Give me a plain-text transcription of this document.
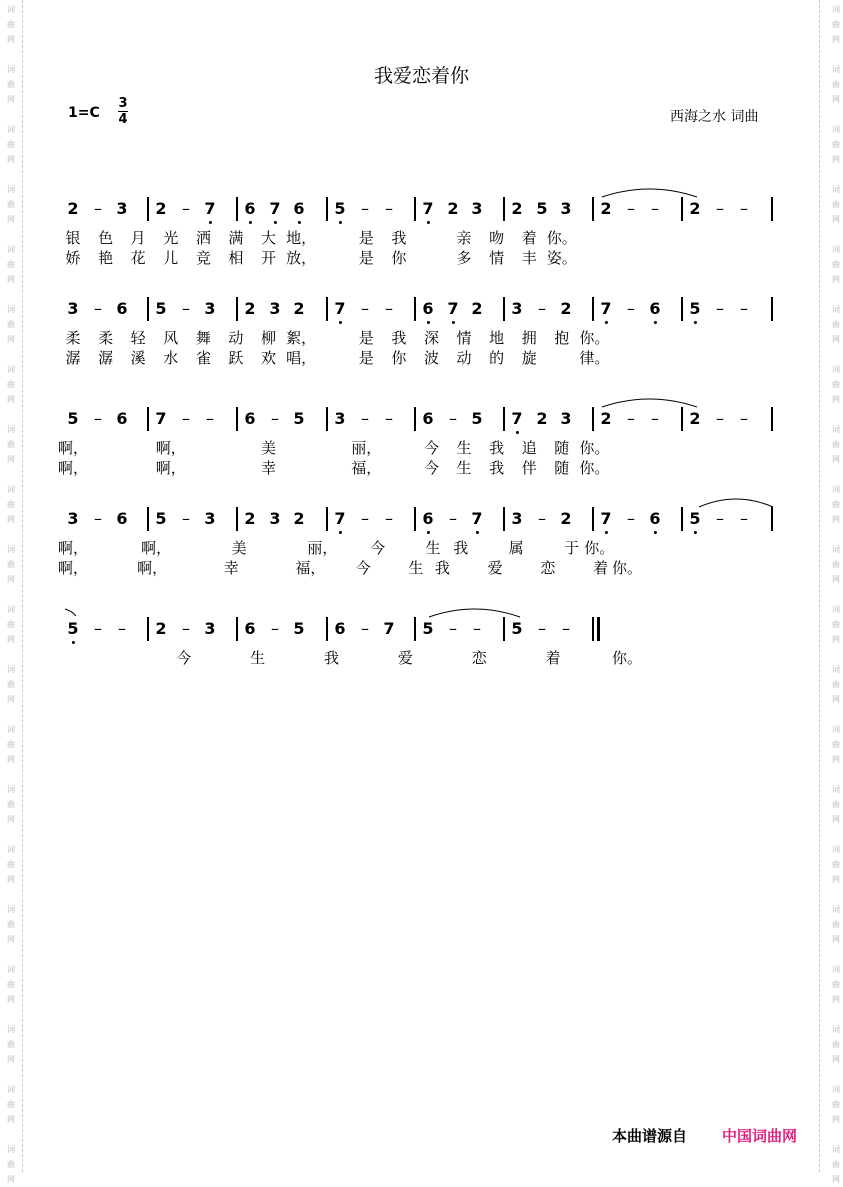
词
曲
网
词
曲
网
词
曲
网
词
曲
网
词
曲
网
词
曲
网
词
曲
网
词
曲
网
词
曲
网
词
曲
网
词
曲
网
词
曲
网
词
曲
网
词
曲
网
词
曲
网
词
曲
网
词
曲
网
词
曲
网
词
曲
网
词
曲
网
词
曲
网
词
曲
网
词
曲
网
词
曲
网
词
曲
网
词
曲
网
词
曲
网
词
曲
网
词
曲
网
词
曲
网
词
曲
网
词
曲
网
词
曲
网
词
曲
网
词
曲
网
词
曲
网
词
曲
网
词
曲
网
词
曲
网
词
曲
网
我爱恋着你
1=C
3
4	西海之水 词曲
2 – 3 2 – 7 6 7 6 5 – – 7 2 3 2 5 3 2 – – 2 – –
银 色 月 光 洒 满 大 地，	是 我	亲 吻 着 你。
娇 艳 花 儿 竞 相 开 放，	是 你	多 情 丰 姿。
3 – 6 5 – 3 2 3 2 7 – – 6 7 2 3 – 2 7 – 6 5 – –
柔 柔 轻 风 舞 动 柳 絮，	是 我 深 情 地 拥 抱 你。
潺 潺 溪 水 雀 跃 欢 唱，	是 你 波 动 的 旋	律。
5 – 6 7 – – 6 – 5 3 – – 6 – 5 7 2 3 2 – – 2 – –
啊，	啊，	美	丽，	今 生 我 追 随 你。
啊，	啊，	幸	福，	今 生 我 伴 随 你。
3 – 6 5 – 3 2 3 2 7 – – 6 – 7 3 – 2 7 – 6 5 – –
啊，	啊，	美	丽， 今	生 我	属	于 你。
啊，	啊，	幸	福， 今	生 我	爱	恋	着 你。
5 – – 2 – 3 6 – 5 6 – 7 5 – – 5 – –
今	生	我	爱	恋	着	你。
本曲谱源自 中国词曲网
